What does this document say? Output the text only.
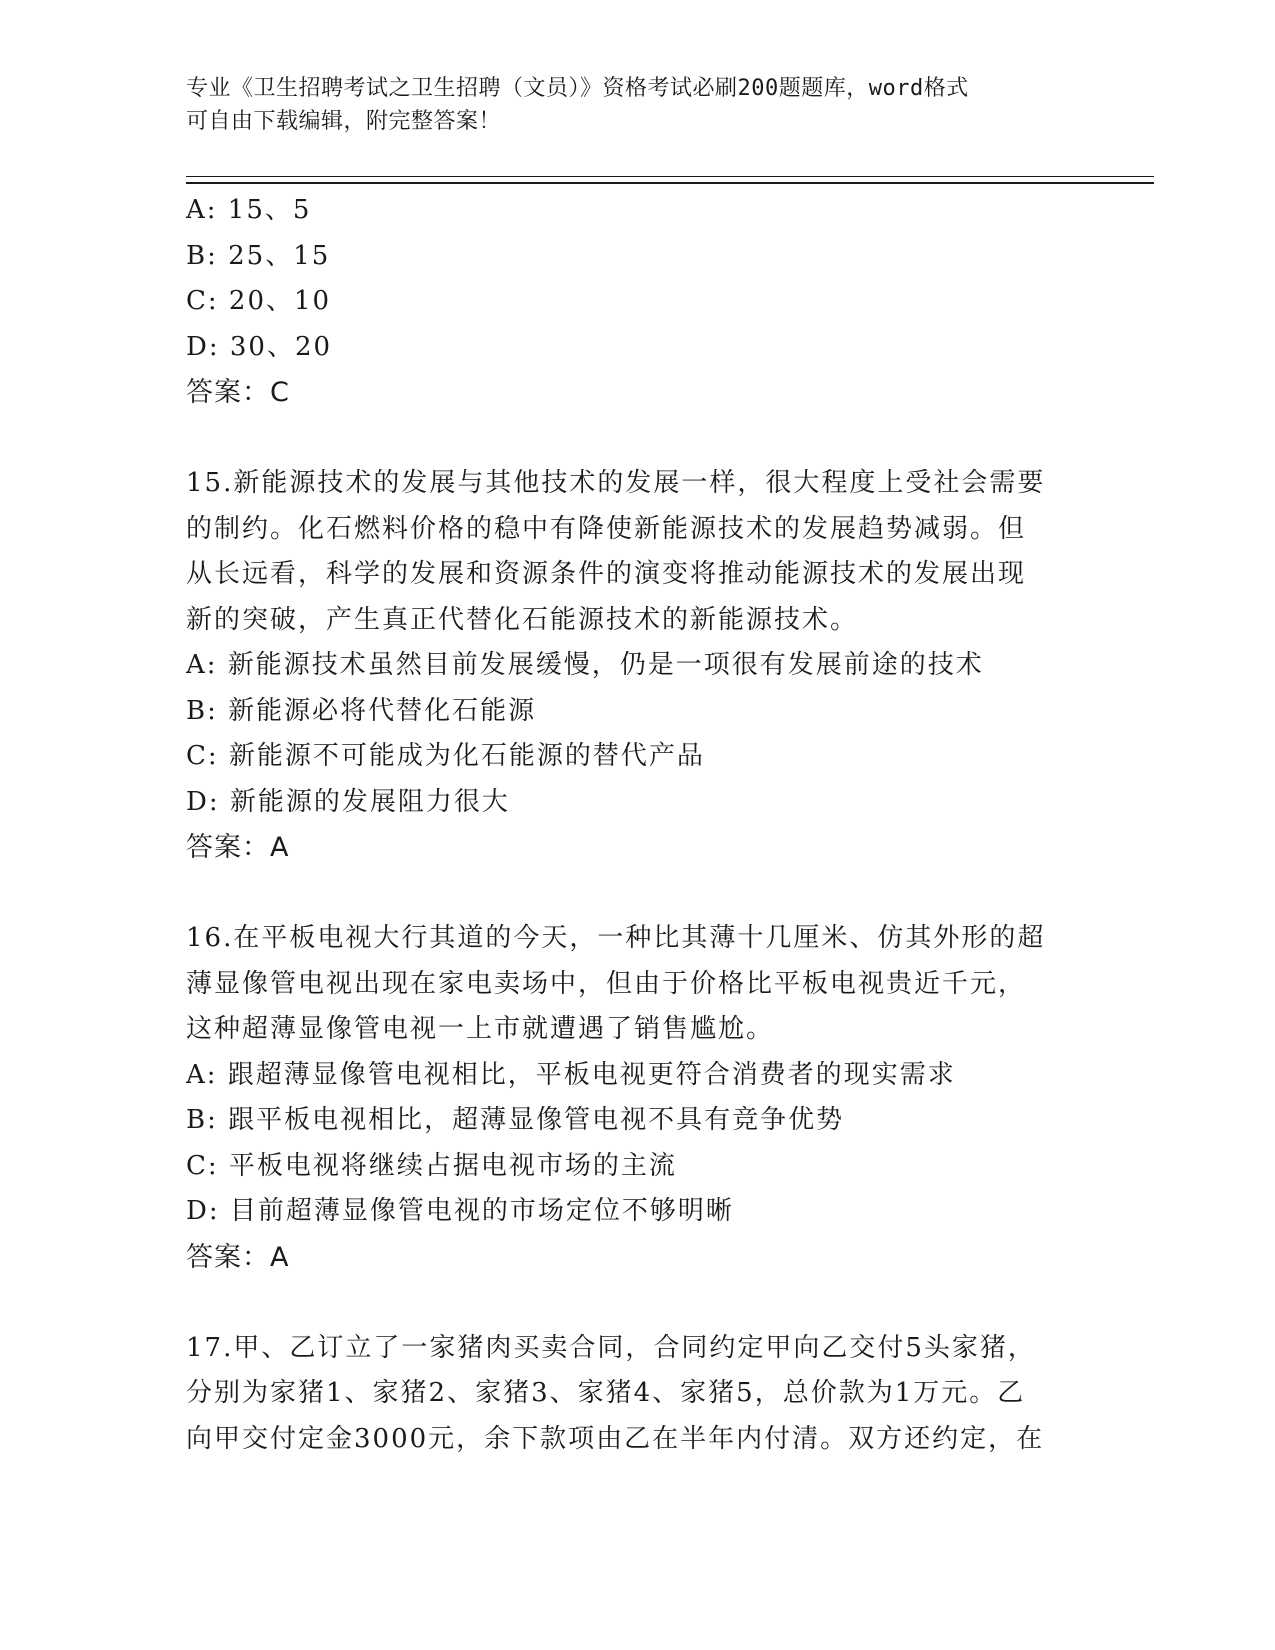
专业《卫生招聘考试之卫生招聘（文员）》资格考试必刷200题题库，word格式
可自由下载编辑，附完整答案！
A: 15、5
B: 25、15
C: 20、10
D: 30、20
答案：C
15.新能源技术的发展与其他技术的发展一样，很大程度上受社会需要
的制约。化石燃料价格的稳中有降使新能源技术的发展趋势减弱。但
从长远看，科学的发展和资源条件的演变将推动能源技术的发展出现
新的突破，产生真正代替化石能源技术的新能源技术。
A: 新能源技术虽然目前发展缓慢，仍是一项很有发展前途的技术
B: 新能源必将代替化石能源
C: 新能源不可能成为化石能源的替代产品
D: 新能源的发展阻力很大
答案：A
16.在平板电视大行其道的今天，一种比其薄十几厘米、仿其外形的超
薄显像管电视出现在家电卖场中，但由于价格比平板电视贵近千元，
这种超薄显像管电视一上市就遭遇了销售尴尬。
A: 跟超薄显像管电视相比，平板电视更符合消费者的现实需求
B: 跟平板电视相比，超薄显像管电视不具有竞争优势
C: 平板电视将继续占据电视市场的主流
D: 目前超薄显像管电视的市场定位不够明晰
答案：A
17.甲、乙订立了一家猪肉买卖合同，合同约定甲向乙交付5头家猪，
分别为家猪1、家猪2、家猪3、家猪4、家猪5，总价款为1万元。乙
向甲交付定金3000元，余下款项由乙在半年内付清。双方还约定，在
